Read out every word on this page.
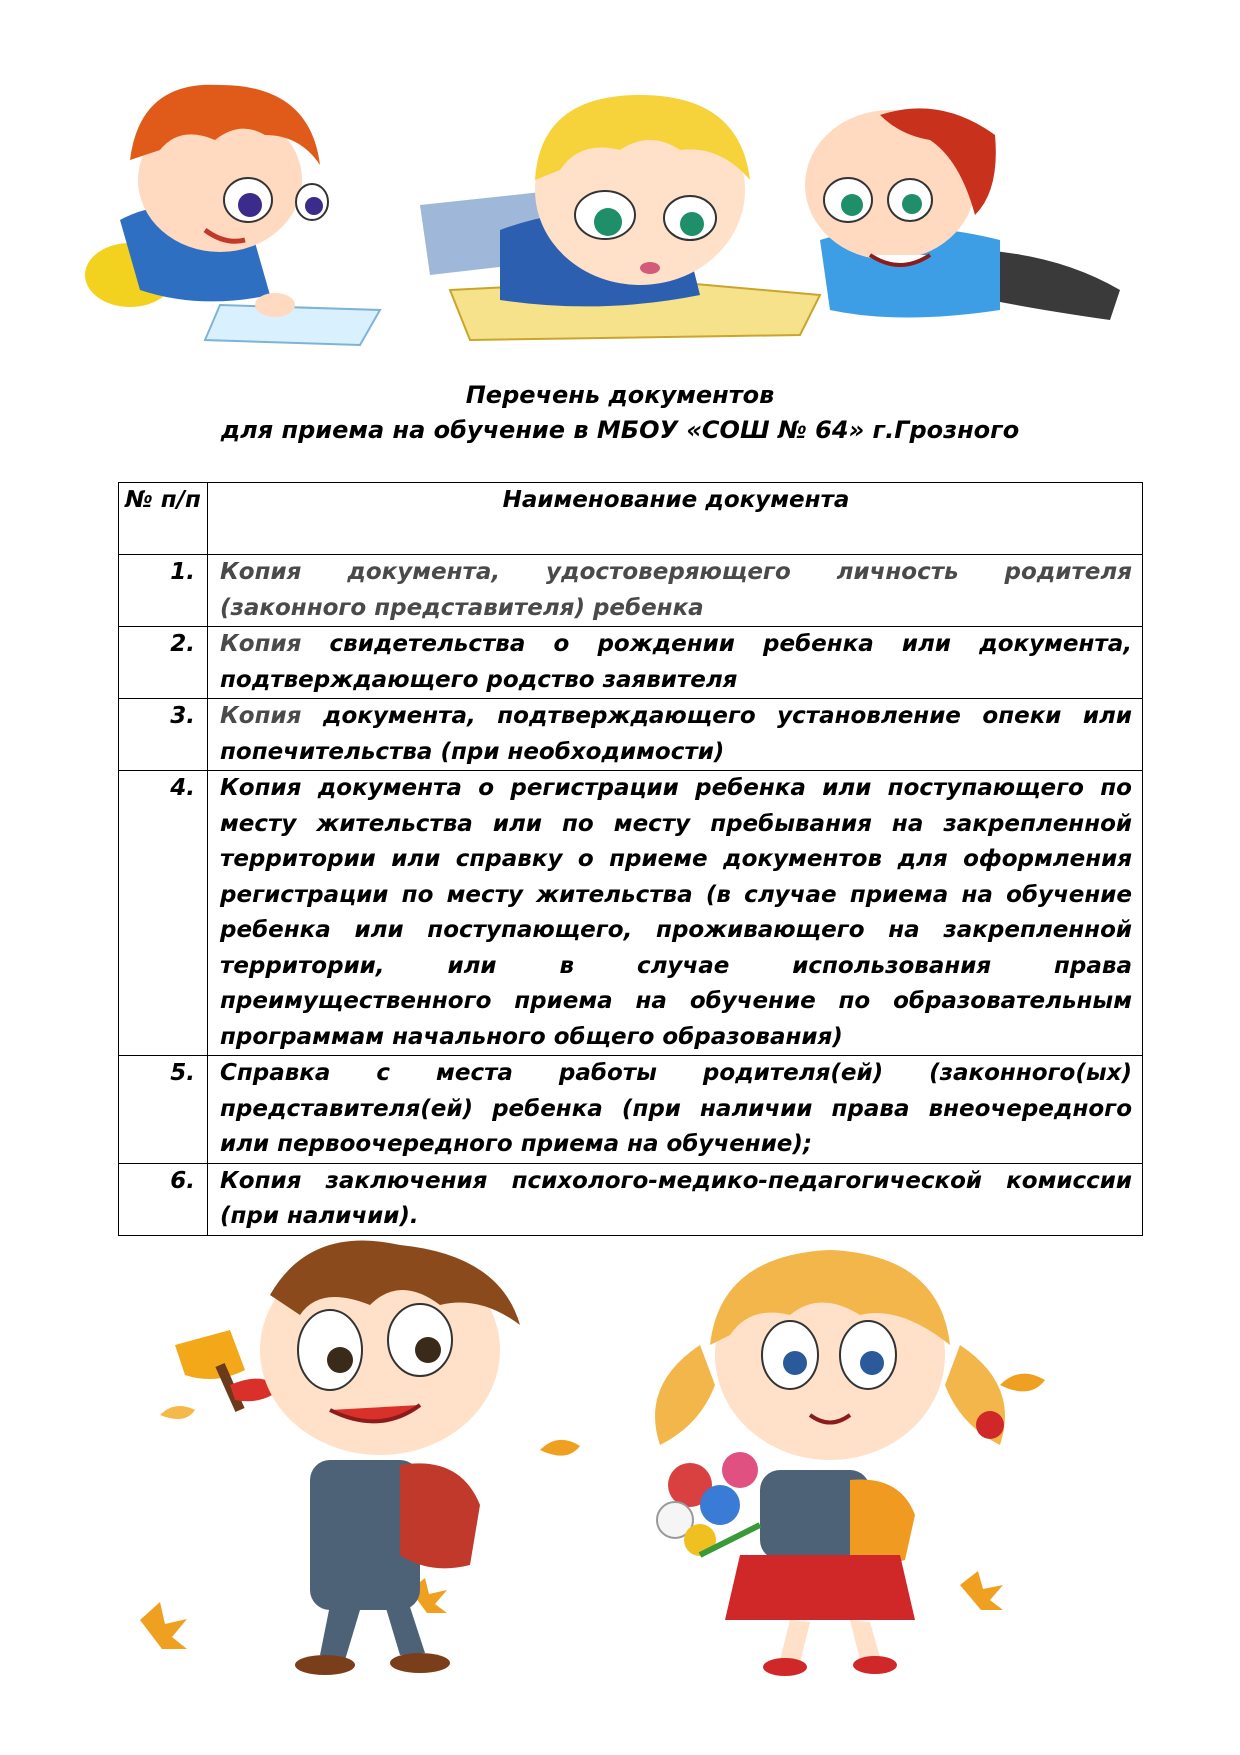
Перечень документов
для приема на обучение в МБОУ «СОШ № 64» г.Грозного
№ п/п	Наименование документа
1.	Копия документа, удостоверяющего личность родителя (законного представителя) ребенка
2.	Копия свидетельства о рождении ребенка или документа, подтверждающего родство заявителя
3.	Копия документа, подтверждающего установление опеки или попечительства (при необходимости)
4.	Копия документа о регистрации ребенка или поступающего по месту жительства или по месту пребывания на закрепленной территории или справку о приеме документов для оформления регистрации по месту жительства (в случае приема на обучение ребенка или поступающего, проживающего на закрепленной территории, или в случае использования права преимущественного приема на обучение по образовательным программам начального общего образования)
5.	Справка с места работы родителя(ей) (законного(ых) представителя(ей) ребенка (при наличии права внеочередного или первоочередного приема на обучение);
6.	Копия заключения психолого-медико-педагогической комиссии (при наличии).
